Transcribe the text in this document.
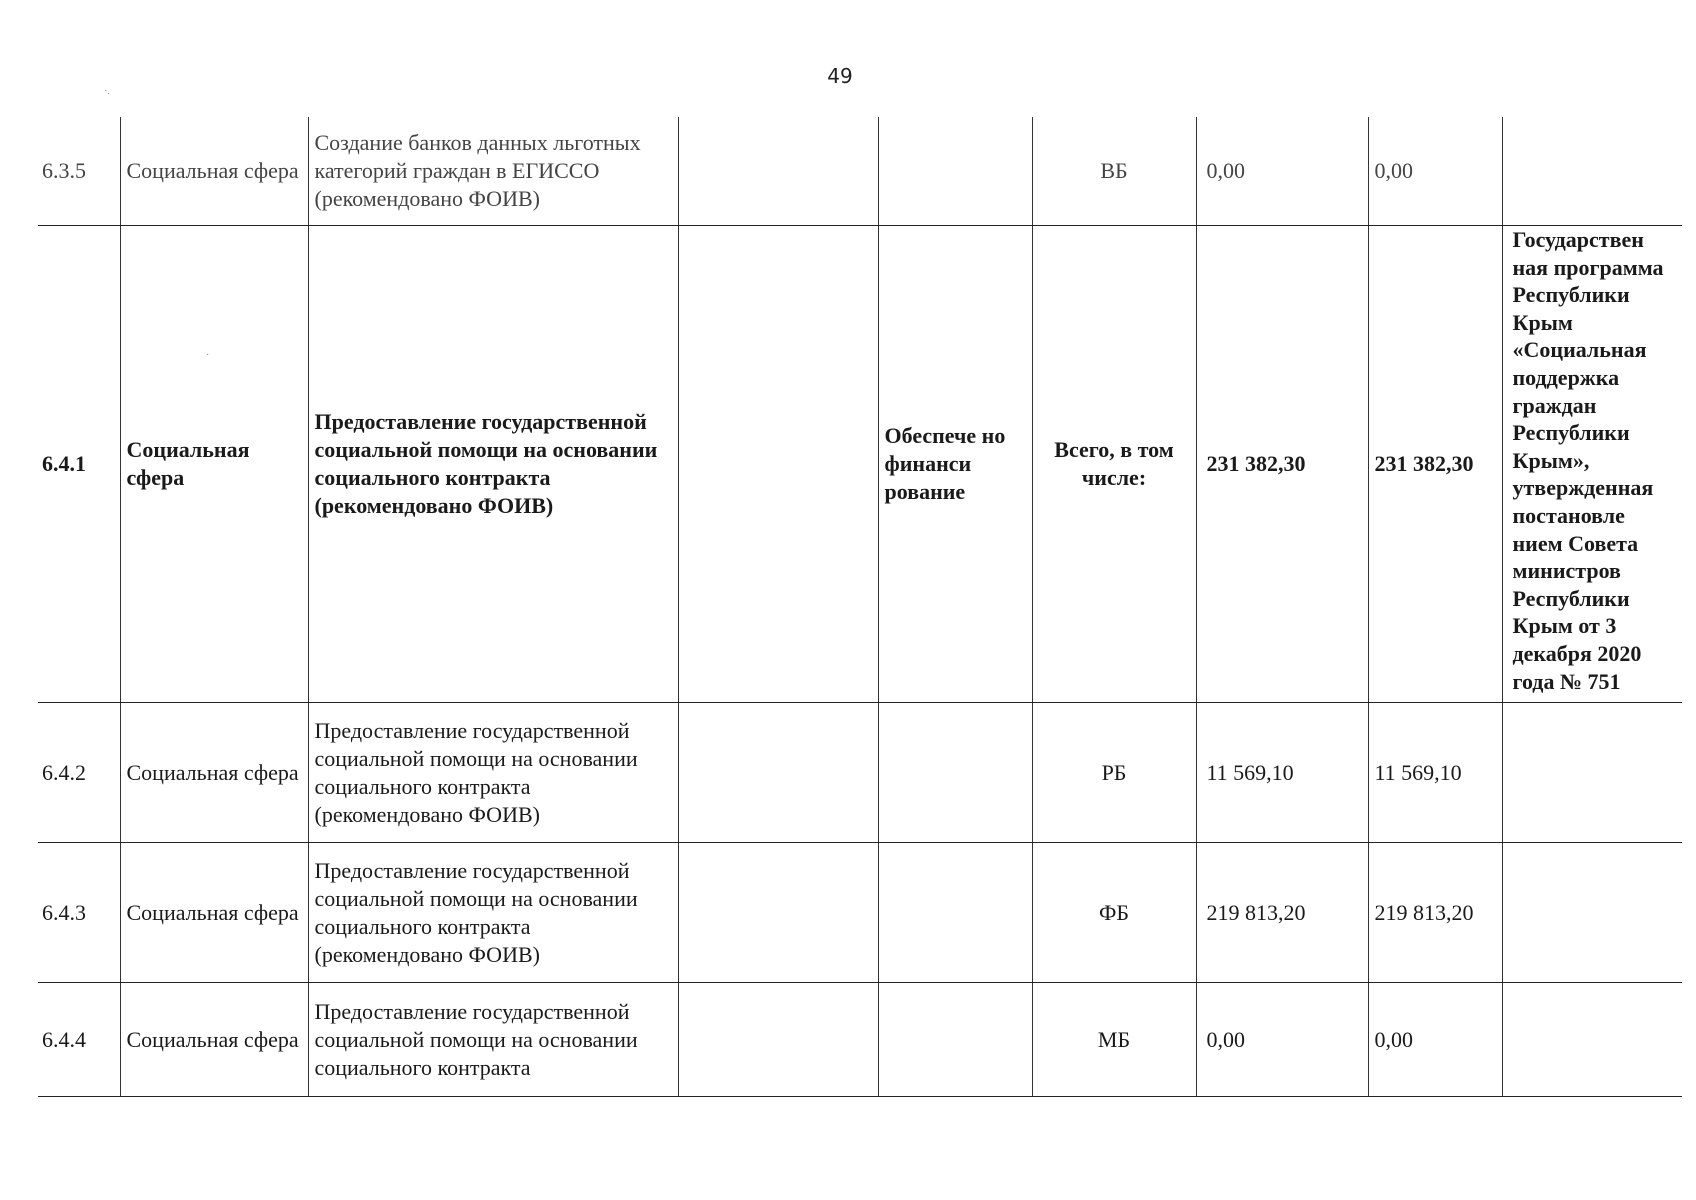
49
·.
·
6.3.5	Социальная сфера	Создание банков данных льготных категорий граждан в ЕГИССО (рекомендовано ФОИВ)			ВБ	0,00	0,00	
6.4.1	Социальная сфера	Предоставление государственной социальной помощи на основании социального контракта (рекомендовано ФОИВ)		Обеспече но финанси рование	Всего, в том числе:	231 382,30	231 382,30	Государствен ная программа Республики Крым «Социальная поддержка граждан Республики Крым», утвержденная постановле нием Совета министров Республики Крым от 3 декабря 2020 года № 751
6.4.2	Социальная сфера	Предоставление государственной социальной помощи на основании социального контракта (рекомендовано ФОИВ)			РБ	11 569,10	11 569,10	
6.4.3	Социальная сфера	Предоставление государственной социальной помощи на основании социального контракта (рекомендовано ФОИВ)			ФБ	219 813,20	219 813,20	
6.4.4	Социальная сфера	Предоставление государственной социальной помощи на основании социального контракта			МБ	0,00	0,00	
